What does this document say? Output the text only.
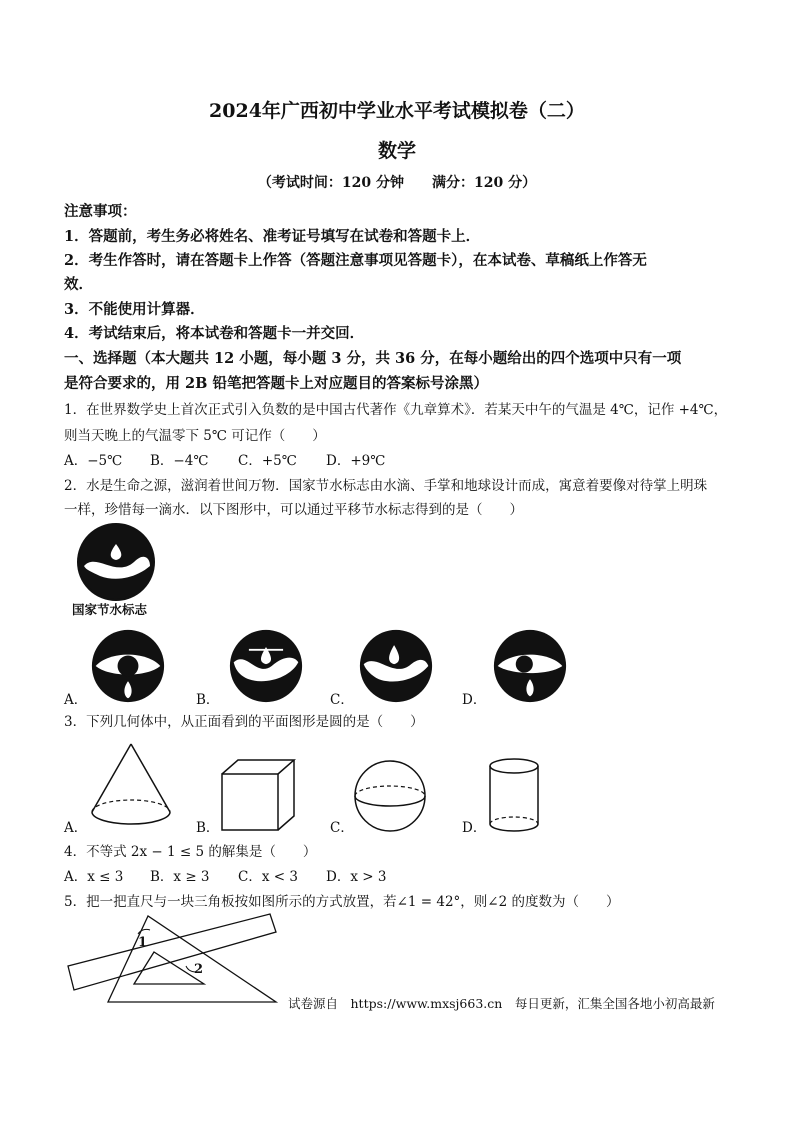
2024年广西初中学业水平考试模拟卷（二）
数学
（考试时间：120 分钟　　满分：120 分）
注意事项：
1．答题前，考生务必将姓名、准考证号填写在试卷和答题卡上．
2．考生作答时，请在答题卡上作答（答题注意事项见答题卡），在本试卷、草稿纸上作答无
效．
3．不能使用计算器．
4．考试结束后，将本试卷和答题卡一并交回．
一、选择题（本大题共 12 小题，每小题 3 分，共 36 分，在每小题给出的四个选项中只有一项
是符合要求的，用 2B 铅笔把答题卡上对应题目的答案标号涂黑）
1．在世界数学史上首次正式引入负数的是中国古代著作《九章算术》．若某天中午的气温是 4℃，记作 +4℃，
则当天晚上的气温零下 5℃ 可记作（　　）
A．−5℃ B．−4℃ C．+5℃ D．+9℃
2．水是生命之源，滋润着世间万物．国家节水标志由水滴、手掌和地球设计而成，寓意着要像对待掌上明珠
一样，珍惜每一滴水．以下图形中，可以通过平移节水标志得到的是（　　）
国家节水标志
A．	B．	C．	D．
3．下列几何体中，从正面看到的平面图形是圆的是（　　）
A．	B．	C．	D．
4．不等式 2x − 1 ≤ 5 的解集是（　　）
A．x ≤ 3 B．x ≥ 3 C．x < 3 D．x > 3
5．把一把直尺与一块三角板按如图所示的方式放置，若∠1 = 42°，则∠2 的度数为（　　）
1
2
试卷源自　https://www.mxsj663.cn　每日更新，汇集全国各地小初高最新
